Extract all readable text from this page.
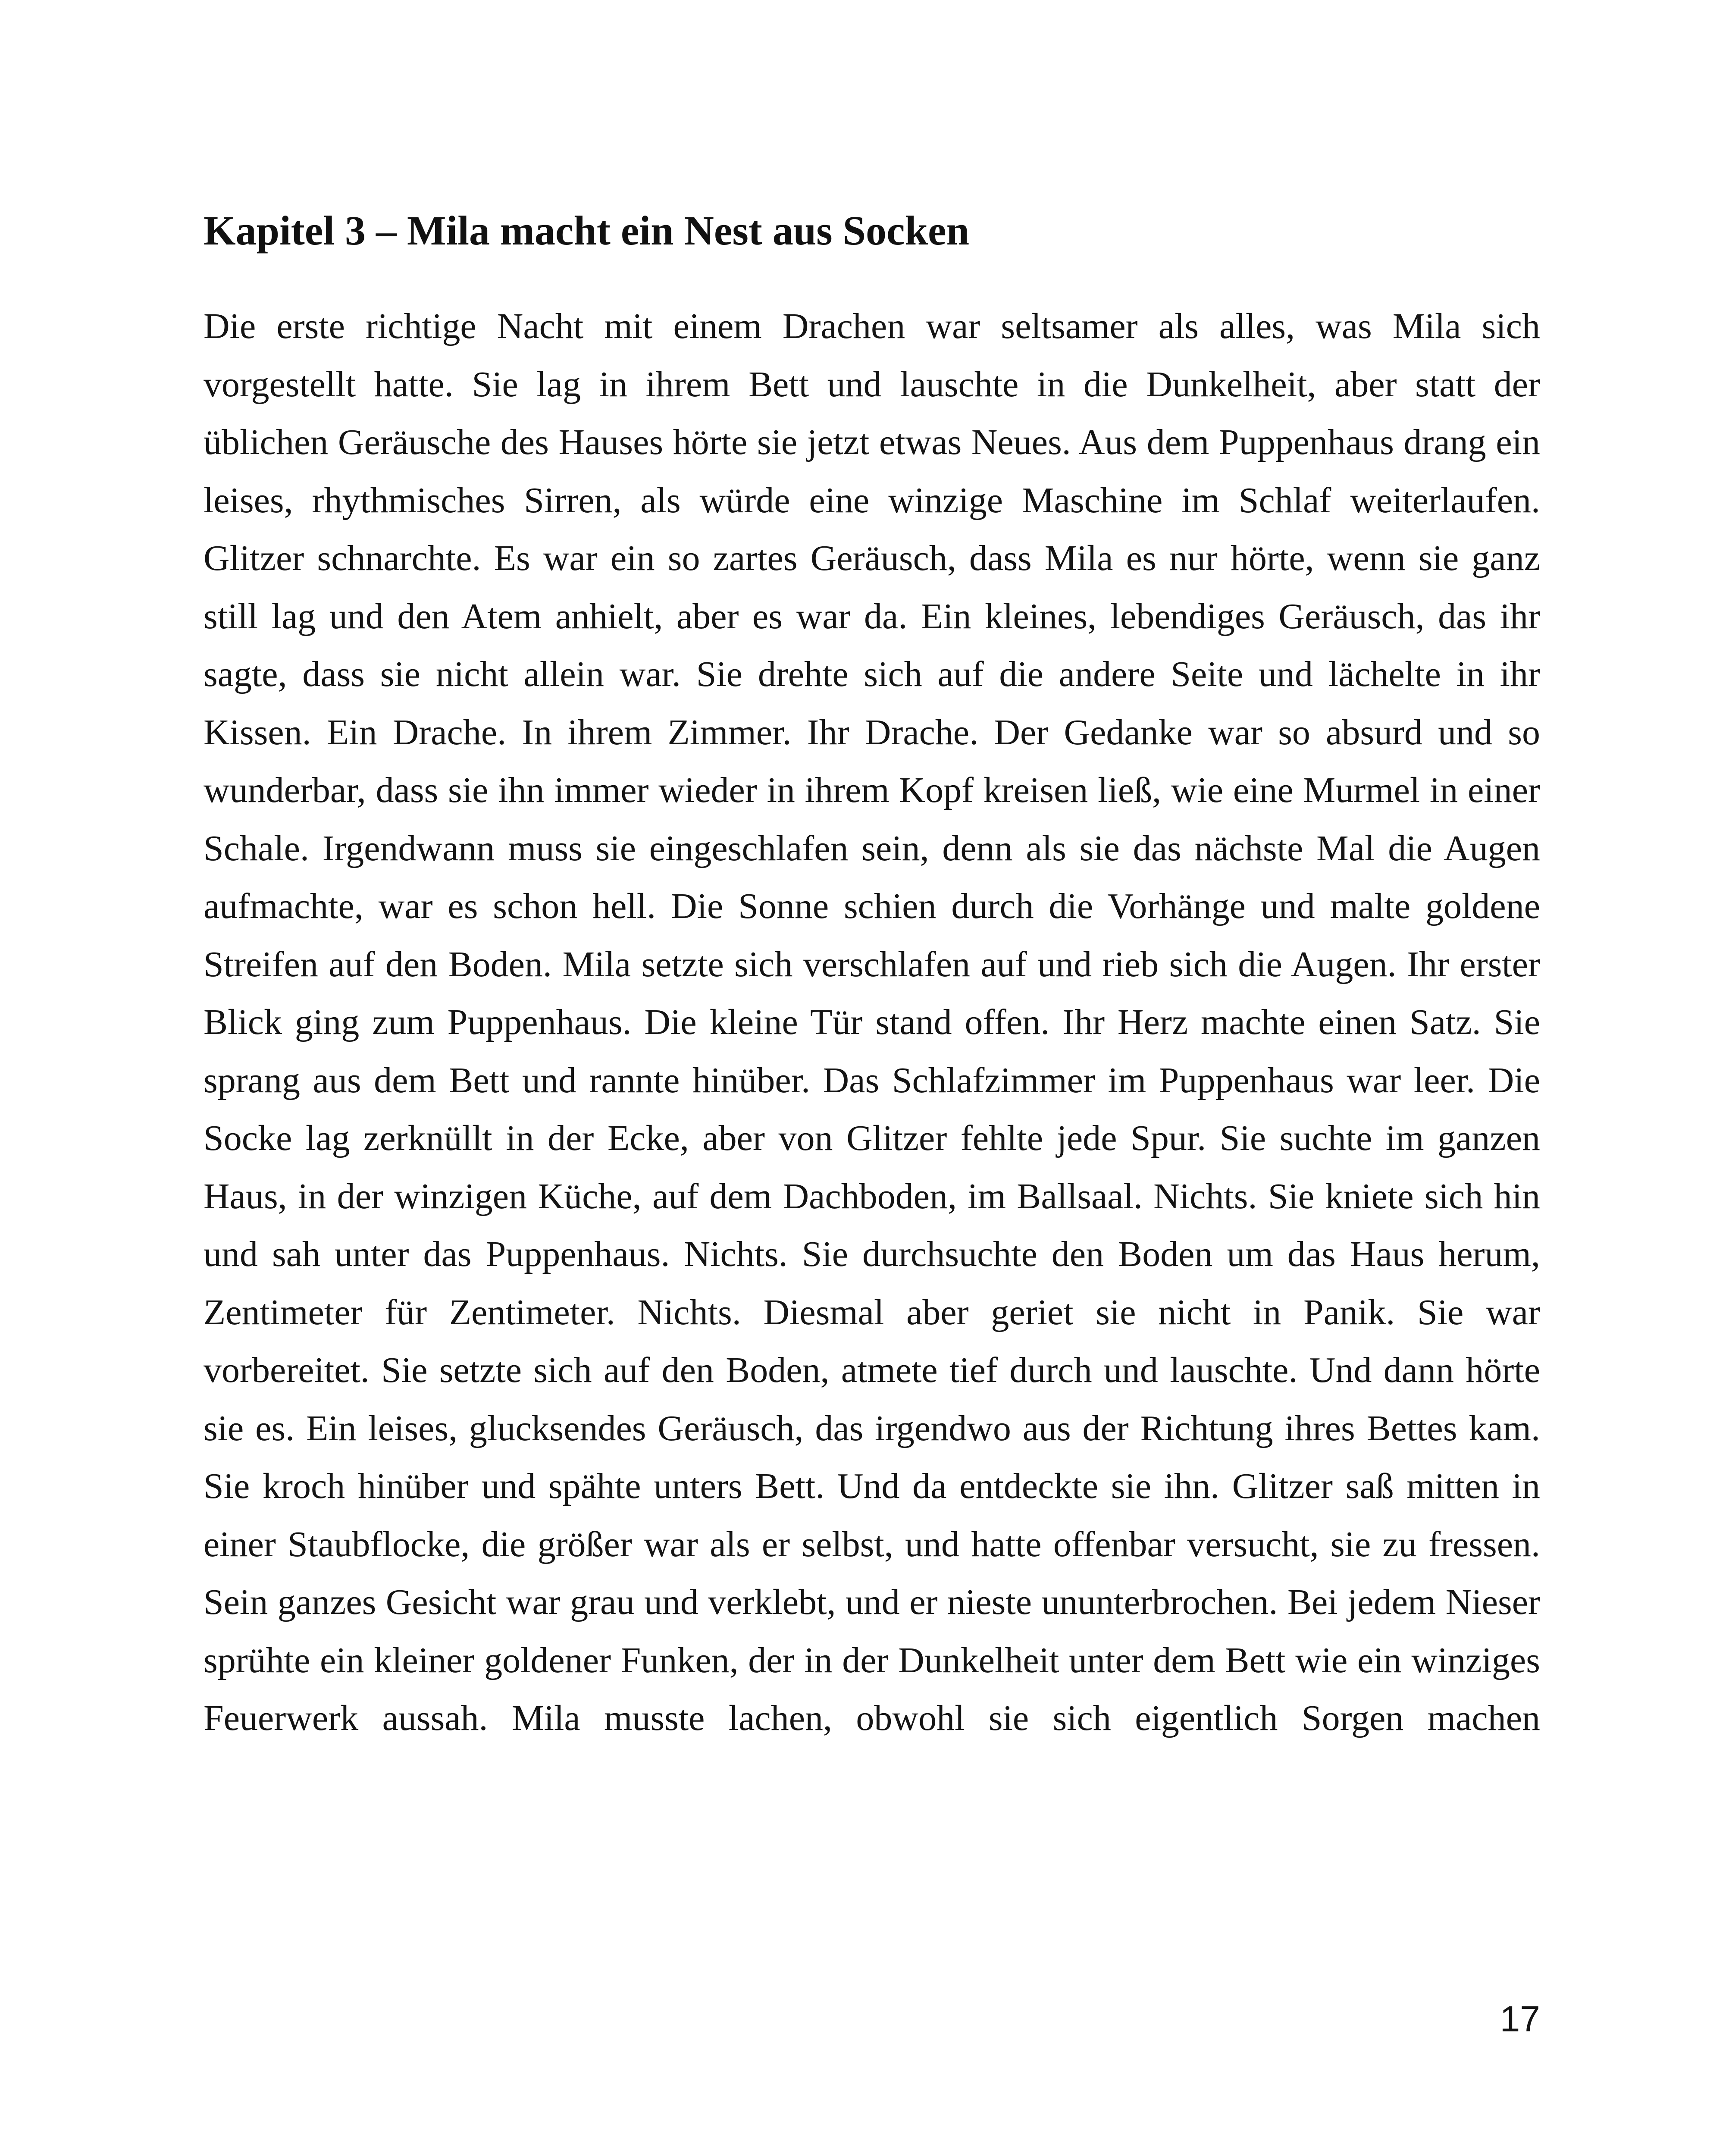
Kapitel 3 – Mila macht ein Nest aus Socken

Die erste richtige Nacht mit einem Drachen war seltsamer als alles, was Mila sich vorgestellt hatte. Sie lag in ihrem Bett und lauschte in die Dunkelheit, aber statt der üblichen Geräusche des Hauses hörte sie jetzt etwas Neues. Aus dem Puppenhaus drang ein leises, rhythmisches Sirren, als würde eine winzige Maschine im Schlaf weiterlaufen. Glitzer schnarchte. Es war ein so zartes Geräusch, dass Mila es nur hörte, wenn sie ganz still lag und den Atem anhielt, aber es war da. Ein kleines, lebendiges Geräusch, das ihr sagte, dass sie nicht allein war. Sie drehte sich auf die andere Seite und lächelte in ihr Kissen. Ein Drache. In ihrem Zimmer. Ihr Drache. Der Gedanke war so absurd und so wunderbar, dass sie ihn immer wieder in ihrem Kopf kreisen ließ, wie eine Murmel in einer Schale. Irgendwann muss sie eingeschlafen sein, denn als sie das nächste Mal die Augen aufmachte, war es schon hell. Die Sonne schien durch die Vorhänge und malte goldene Streifen auf den Boden. Mila setzte sich verschlafen auf und rieb sich die Augen. Ihr erster Blick ging zum Puppenhaus. Die kleine Tür stand offen. Ihr Herz machte einen Satz. Sie sprang aus dem Bett und rannte hinüber. Das Schlafzimmer im Puppenhaus war leer. Die Socke lag zerknüllt in der Ecke, aber von Glitzer fehlte jede Spur. Sie suchte im ganzen Haus, in der winzigen Küche, auf dem Dachboden, im Ballsaal. Nichts. Sie kniete sich hin und sah unter das Puppenhaus. Nichts. Sie durchsuchte den Boden um das Haus herum, Zentimeter für Zentimeter. Nichts. Diesmal aber geriet sie nicht in Panik. Sie war vorbereitet. Sie setzte sich auf den Boden, atmete tief durch und lauschte. Und dann hörte sie es. Ein leises, glucksendes Geräusch, das irgendwo aus der Richtung ihres Bettes kam. Sie kroch hinüber und spähte unters Bett. Und da entdeckte sie ihn. Glitzer saß mitten in einer Staubflocke, die größer war als er selbst, und hatte offenbar versucht, sie zu fressen. Sein ganzes Gesicht war grau und verklebt, und er nieste ununterbrochen. Bei jedem Nieser sprühte ein kleiner goldener Funken, der in der Dunkelheit unter dem Bett wie ein winziges Feuerwerk aussah. Mila musste lachen, obwohl sie sich eigentlich Sorgen machen

17
